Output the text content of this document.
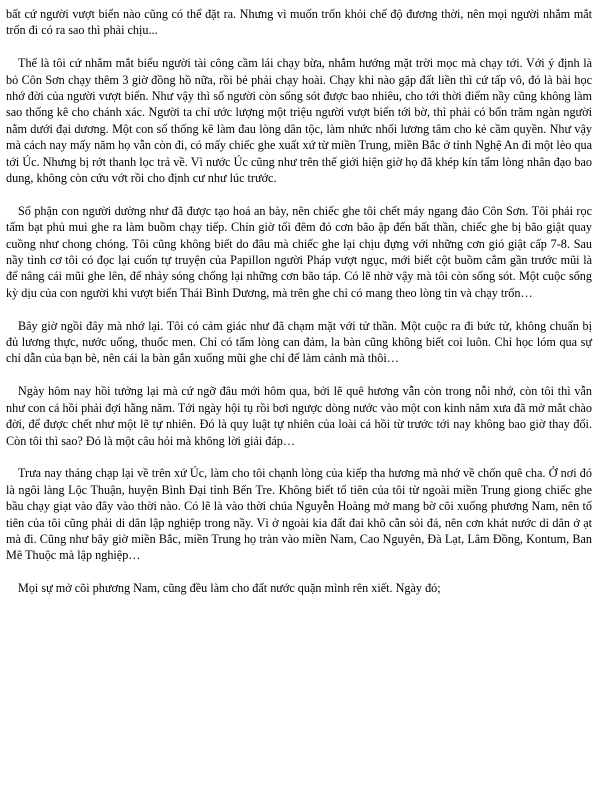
bất cứ người vượt biển nào cũng có thể đặt ra. Nhưng vì muốn trốn khỏi chế độ đương thời, nên mọi người nhắm mắt trốn đi có ra sao thì phải chịu...

Thế là tôi cứ nhắm mắt biểu người tài công cầm lái chạy bừa, nhắm hướng mặt trời mọc mà chạy tới. Với ý định là bỏ Côn Sơn chạy thêm 3 giờ đồng hồ nữa, rồi bẻ phải chạy hoài. Chạy khi nào gặp đất liền thì cứ tấp vô, đó là bài học nhớ đời của người vượt biển. Như vậy thì số người còn sống sót được bao nhiêu, cho tới thời điểm nầy cũng không làm sao thống kê cho chánh xác. Người ta chỉ ước lượng một triệu người vượt biển tới bờ, thì phải có bốn trăm ngàn người nằm dưới đại dương. Một con số thống kê làm đau lòng dân tộc, làm nhức nhối lương tâm cho kẻ cầm quyền. Như vậy mà cách nay mấy năm họ vẫn còn đi, có mấy chiếc ghe xuất xứ từ miền Trung, miền Bắc ở tỉnh Nghệ An đi một lèo qua tới Úc. Nhưng bị rớt thanh lọc trả về. Vì nước Úc cũng như trên thế giới hiện giờ họ đã khép kín tấm lòng nhân đạo bao dung, không còn cứu vớt rồi cho định cư như lúc trước.

Số phận con người dường như đã được tạo hoá an bày, nên chiếc ghe tôi chết máy ngang đảo Côn Sơn. Tôi phải rọc tấm bạt phủ mui ghe ra làm buồm chạy tiếp. Chín giờ tối đêm đó cơn bão ập đến bất thần, chiếc ghe bị bão giật quay cuồng như chong chóng. Tôi cũng không biết do đâu mà chiếc ghe lại chịu đựng với những cơn gió giật cấp 7-8. Sau nầy tỉnh cơ tôi có đọc lại cuốn tự truyện của Papillon người Pháp vượt ngục, mới biết cột buồm cắm gần trước mũi là để nâng cái mũi ghe lên, để nhảy sóng chống lại những cơn bão táp. Có lẽ nhờ vậy mà tôi còn sống sót. Một cuộc sống kỳ dịu của con người khi vượt biển Thái Bình Dương, mà trên ghe chỉ có mang theo lòng tin và chạy trốn…

Bây giờ ngồi đây mà nhớ lại. Tôi có cảm giác như đã chạm mặt với tử thần. Một cuộc ra đi bức tử, không chuẩn bị đủ lương thực, nước uống, thuốc men. Chỉ có tấm lòng can đảm, la bàn cũng không biết coi luôn. Chỉ học lóm qua sự chỉ dẫn của bạn bè, nên cái la bàn gắn xuống mũi ghe chỉ để làm cảnh mà thôi…

Ngày hôm nay hồi tưởng lại mà cứ ngỡ đâu mới hôm qua, bởi lẽ quê hương vẫn còn trong nỗi nhớ, còn tôi thì vẫn như con cá hồi phải đợi hằng năm. Tới ngày hội tụ rồi bơi ngược dòng nước vào một con kinh năm xưa đã mở mắt chào đời, để được chết như một lẽ tự nhiên. Đó là quy luật tự nhiên của loài cá hồi từ trước tới nay không bao giờ thay đổi. Còn tôi thì sao? Đó là một câu hỏi mà không lời giải đáp…

Trưa nay tháng chạp lại về trên xứ Úc, làm cho tôi chạnh lòng của kiếp tha hương mà nhớ về chốn quê cha. Ở nơi đó là ngôi làng Lộc Thuận, huyện Bình Đại tỉnh Bến Tre. Không biết tổ tiên của tôi từ ngoài miền Trung giong chiếc ghe bầu chạy giạt vào đây vào thời nào. Có lẽ là vào thời chúa Nguyễn Hoàng mở mang bờ cõi xuống phương Nam, nên tổ tiên của tôi cũng phải di dân lập nghiệp trong nầy. Vì ở ngoài kia đất đai khô cằn sỏi đá, nên cơn khát nước di dân ở ạt mà đi. Cũng như bây giờ miền Bắc, miền Trung họ tràn vào miền Nam, Cao Nguyên, Đà Lạt, Lâm Đồng, Kontum, Ban Mê Thuộc mà lập nghiệp…

Mọi sự mở cõi phương Nam, cũng đều làm cho đất nước quặn mình rên xiết. Ngày đó;
